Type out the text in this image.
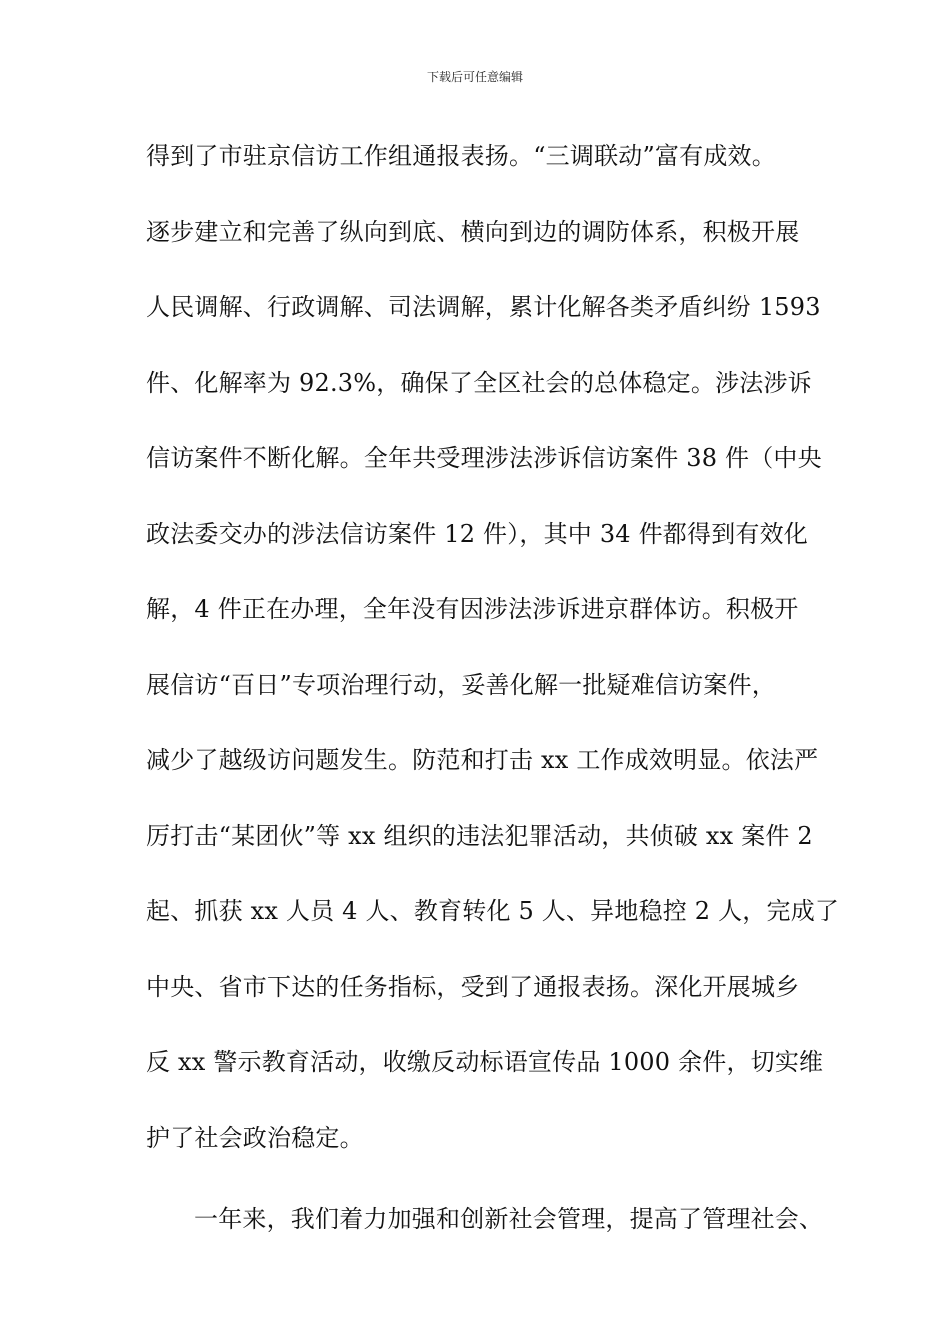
下载后可任意编辑
得到了市驻京信访工作组通报表扬。“三调联动”富有成效。
逐步建立和完善了纵向到底、横向到边的调防体系，积极开展
人民调解、行政调解、司法调解，累计化解各类矛盾纠纷 1593
件、化解率为 92.3%，确保了全区社会的总体稳定。涉法涉诉
信访案件不断化解。全年共受理涉法涉诉信访案件 38 件（中央
政法委交办的涉法信访案件 12 件），其中 34 件都得到有效化
解，4 件正在办理，全年没有因涉法涉诉进京群体访。积极开
展信访“百日”专项治理行动，妥善化解一批疑难信访案件，
减少了越级访问题发生。防范和打击 xx 工作成效明显。依法严
厉打击“某团伙”等 xx 组织的违法犯罪活动，共侦破 xx 案件 2
起、抓获 xx 人员 4 人、教育转化 5 人、异地稳控 2 人，完成了
中央、省市下达的任务指标，受到了通报表扬。深化开展城乡
反 xx 警示教育活动，收缴反动标语宣传品 1000 余件，切实维
护了社会政治稳定。
一年来，我们着力加强和创新社会管理，提高了管理社会、
